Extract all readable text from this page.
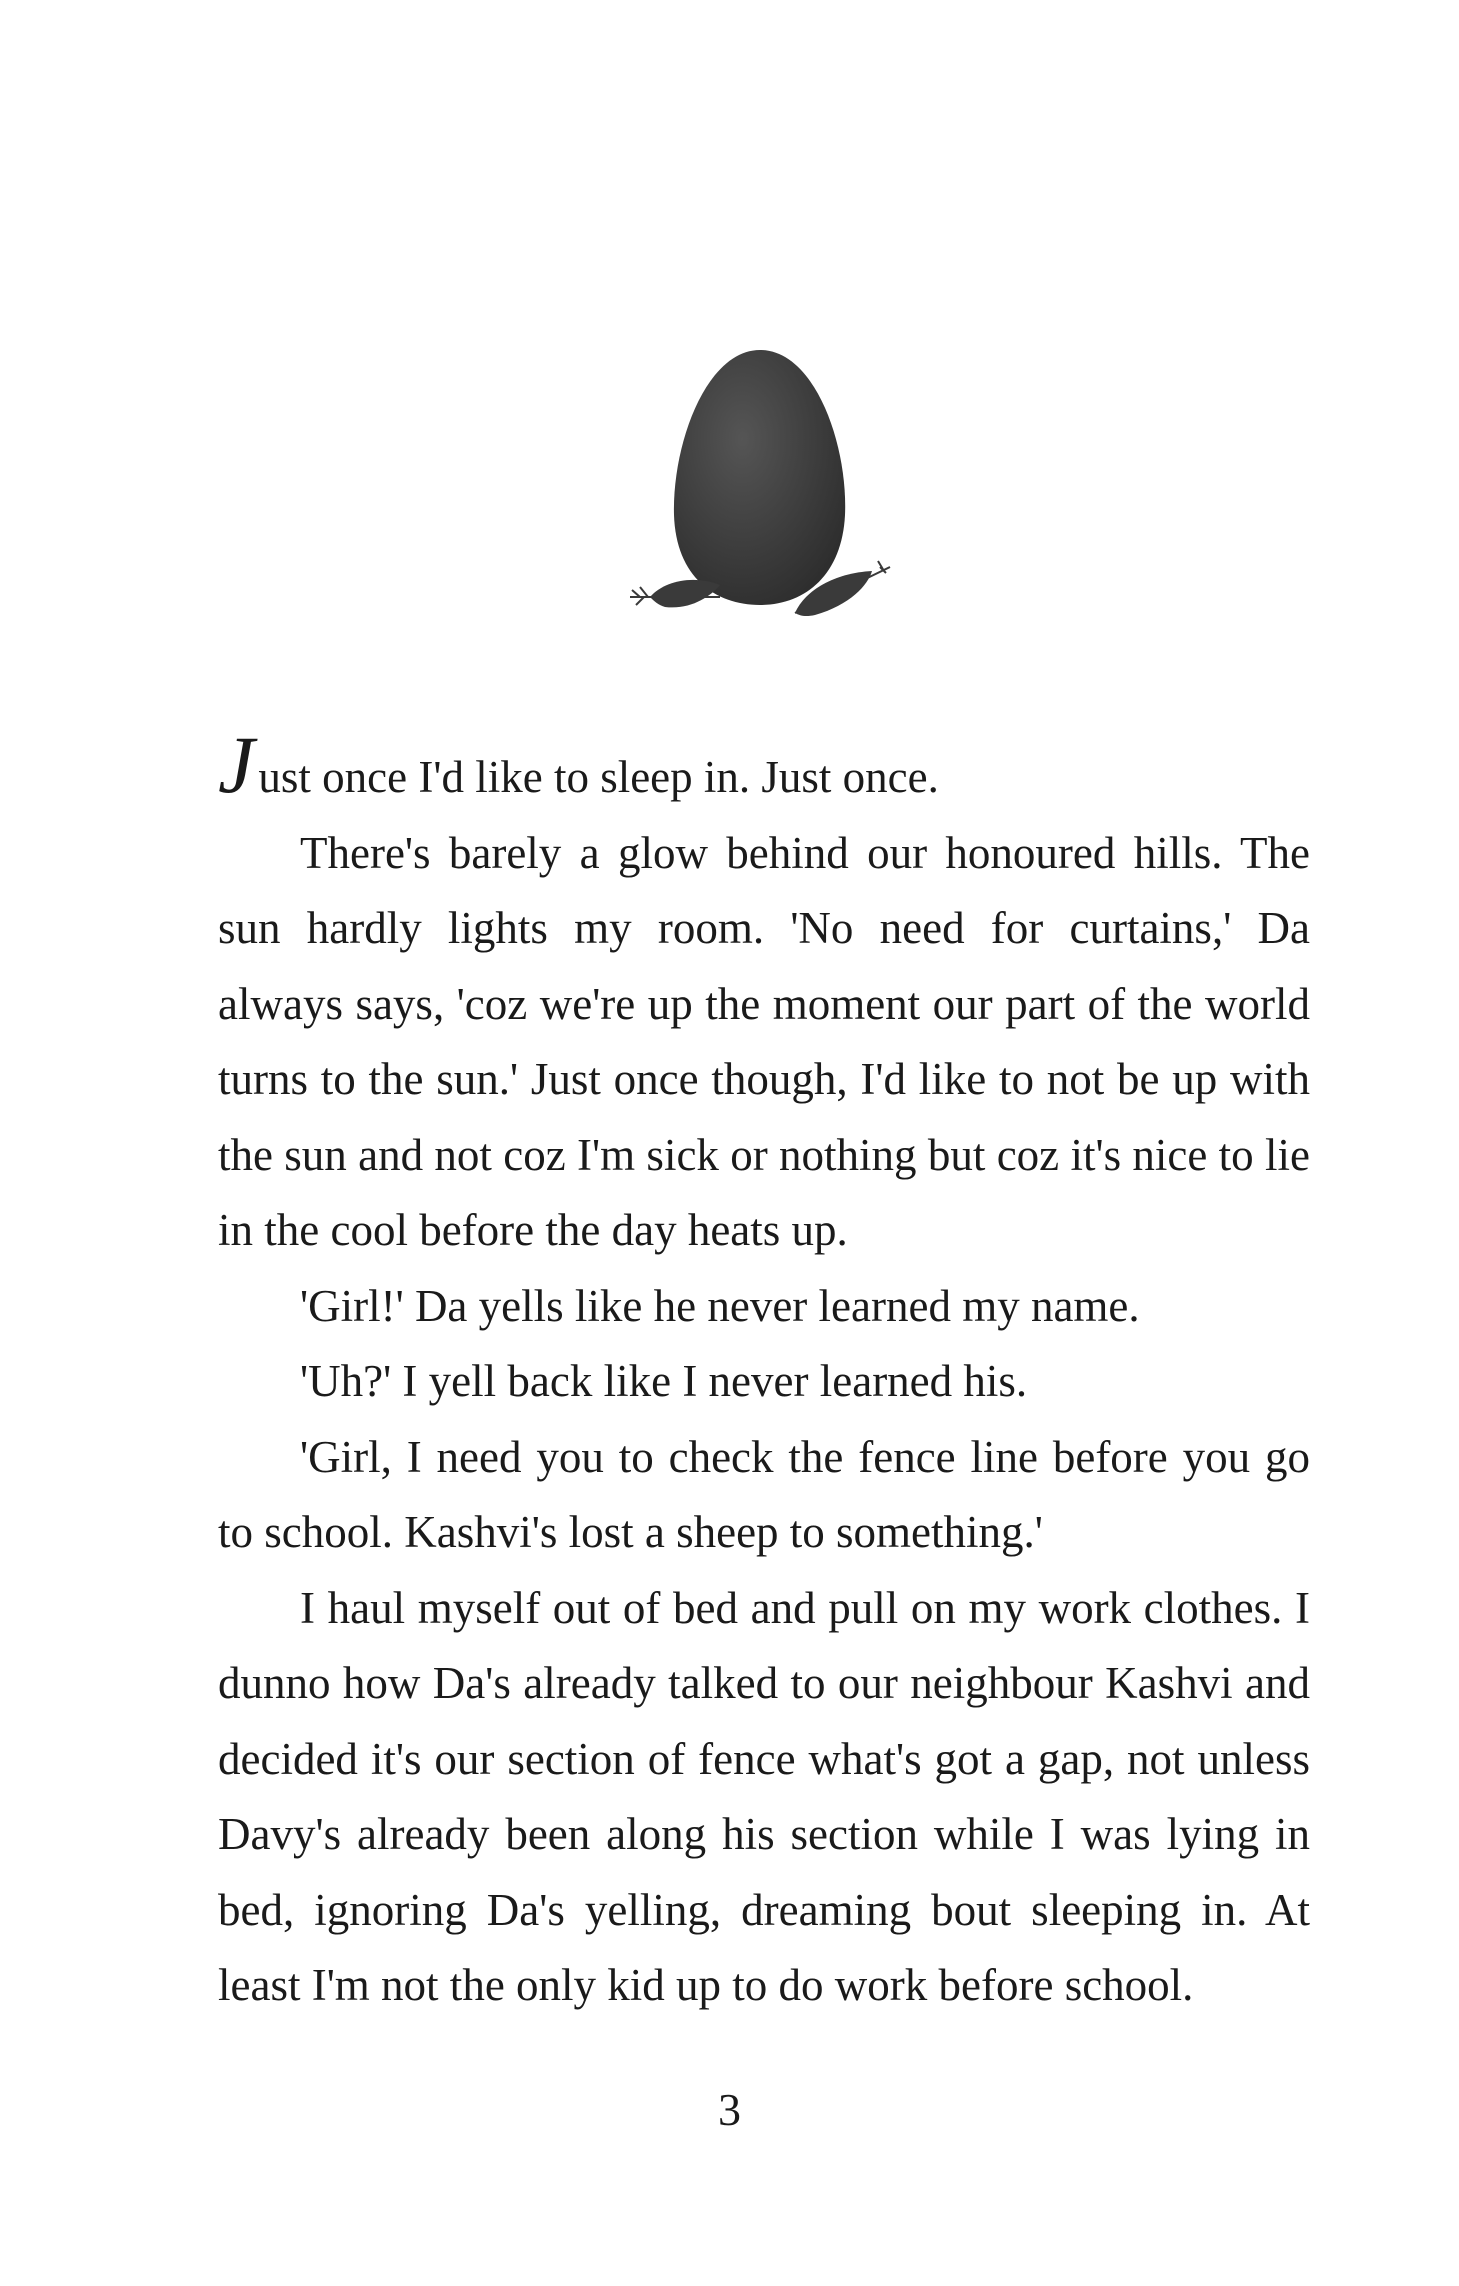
Just once I'd like to sleep in. Just once.

There's barely a glow behind our honoured hills. The sun hardly lights my room. 'No need for curtains,' Da always says, 'coz we're up the moment our part of the world turns to the sun.' Just once though, I'd like to not be up with the sun and not coz I'm sick or nothing but coz it's nice to lie in the cool before the day heats up.

'Girl!' Da yells like he never learned my name.

'Uh?' I yell back like I never learned his.

'Girl, I need you to check the fence line before you go to school. Kashvi's lost a sheep to something.'

I haul myself out of bed and pull on my work clothes. I dunno how Da's already talked to our neighbour Kashvi and decided it's our section of fence what's got a gap, not unless Davy's already been along his section while I was lying in bed, ignoring Da's yelling, dreaming bout sleeping in. At least I'm not the only kid up to do work before school.

3
